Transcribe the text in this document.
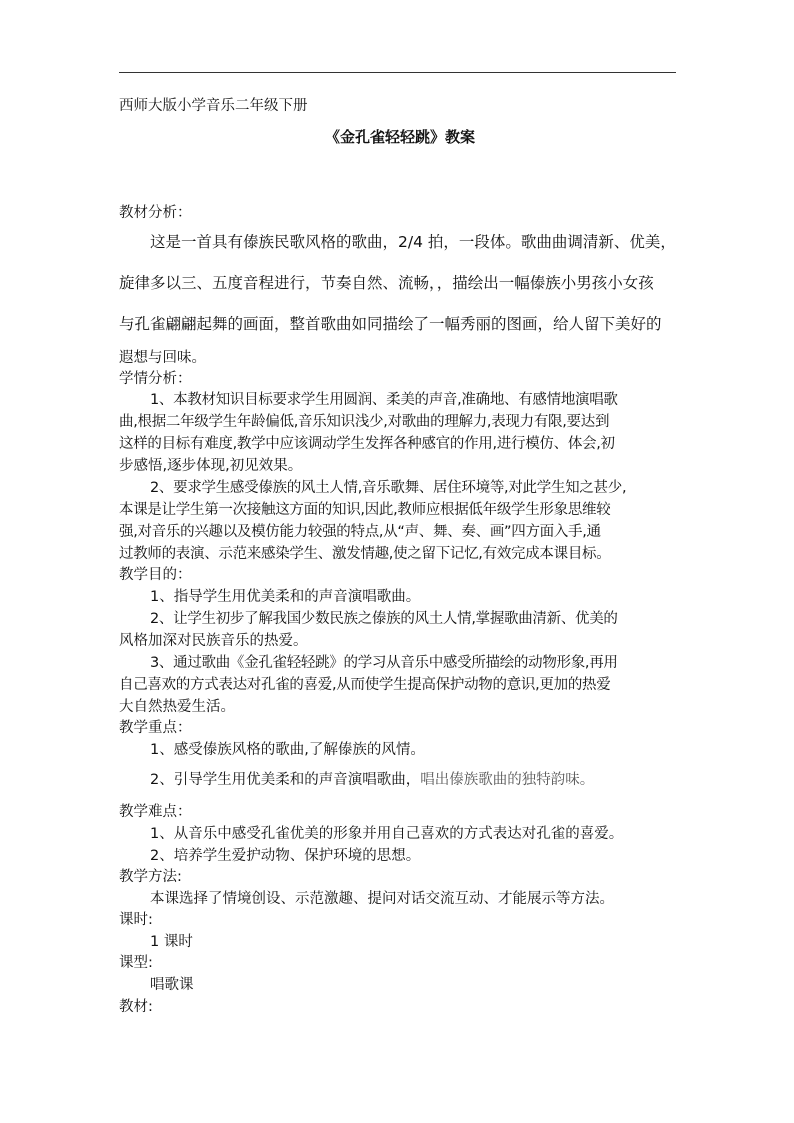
西师大版小学音乐二年级下册
《金孔雀轻轻跳》教案
教材分析：
这是一首具有傣族民歌风格的歌曲，2/4 拍，一段体。歌曲曲调清新、优美，
旋律多以三、五度音程进行，节奏自然、流畅，，描绘出一幅傣族小男孩小女孩
与孔雀翩翩起舞的画面，整首歌曲如同描绘了一幅秀丽的图画，给人留下美好的
遐想与回味。
学情分析：
1、本教材知识目标要求学生用圆润、柔美的声音,准确地、有感情地演唱歌
曲,根据二年级学生年龄偏低,音乐知识浅少,对歌曲的理解力,表现力有限,要达到
这样的目标有难度,教学中应该调动学生发挥各种感官的作用,进行模仿、体会,初
步感悟,逐步体现,初见效果。
2、要求学生感受傣族的风土人情,音乐歌舞、居住环境等,对此学生知之甚少,
本课是让学生第一次接触这方面的知识,因此,教师应根据低年级学生形象思维较
强,对音乐的兴趣以及模仿能力较强的特点,从“声、舞、奏、画”四方面入手,通
过教师的表演、示范来感染学生、激发情趣,使之留下记忆,有效完成本课目标。
教学目的：
1、指导学生用优美柔和的声音演唱歌曲。
2、让学生初步了解我国少数民族之傣族的风土人情,掌握歌曲清新、优美的
风格加深对民族音乐的热爱。
3、通过歌曲《金孔雀轻轻跳》的学习从音乐中感受所描绘的动物形象,再用
自己喜欢的方式表达对孔雀的喜爱,从而使学生提高保护动物的意识,更加的热爱
大自然热爱生活。
教学重点：
1、感受傣族风格的歌曲,了解傣族的风情。
2、引导学生用优美柔和的声音演唱歌曲，唱出傣族歌曲的独特韵味。
教学难点：
1、从音乐中感受孔雀优美的形象并用自己喜欢的方式表达对孔雀的喜爱。
2、培养学生爱护动物、保护环境的思想。
教学方法:
本课选择了情境创设、示范激趣、提问对话交流互动、才能展示等方法。
课时:
1 课时
课型:
唱歌课
教材:
